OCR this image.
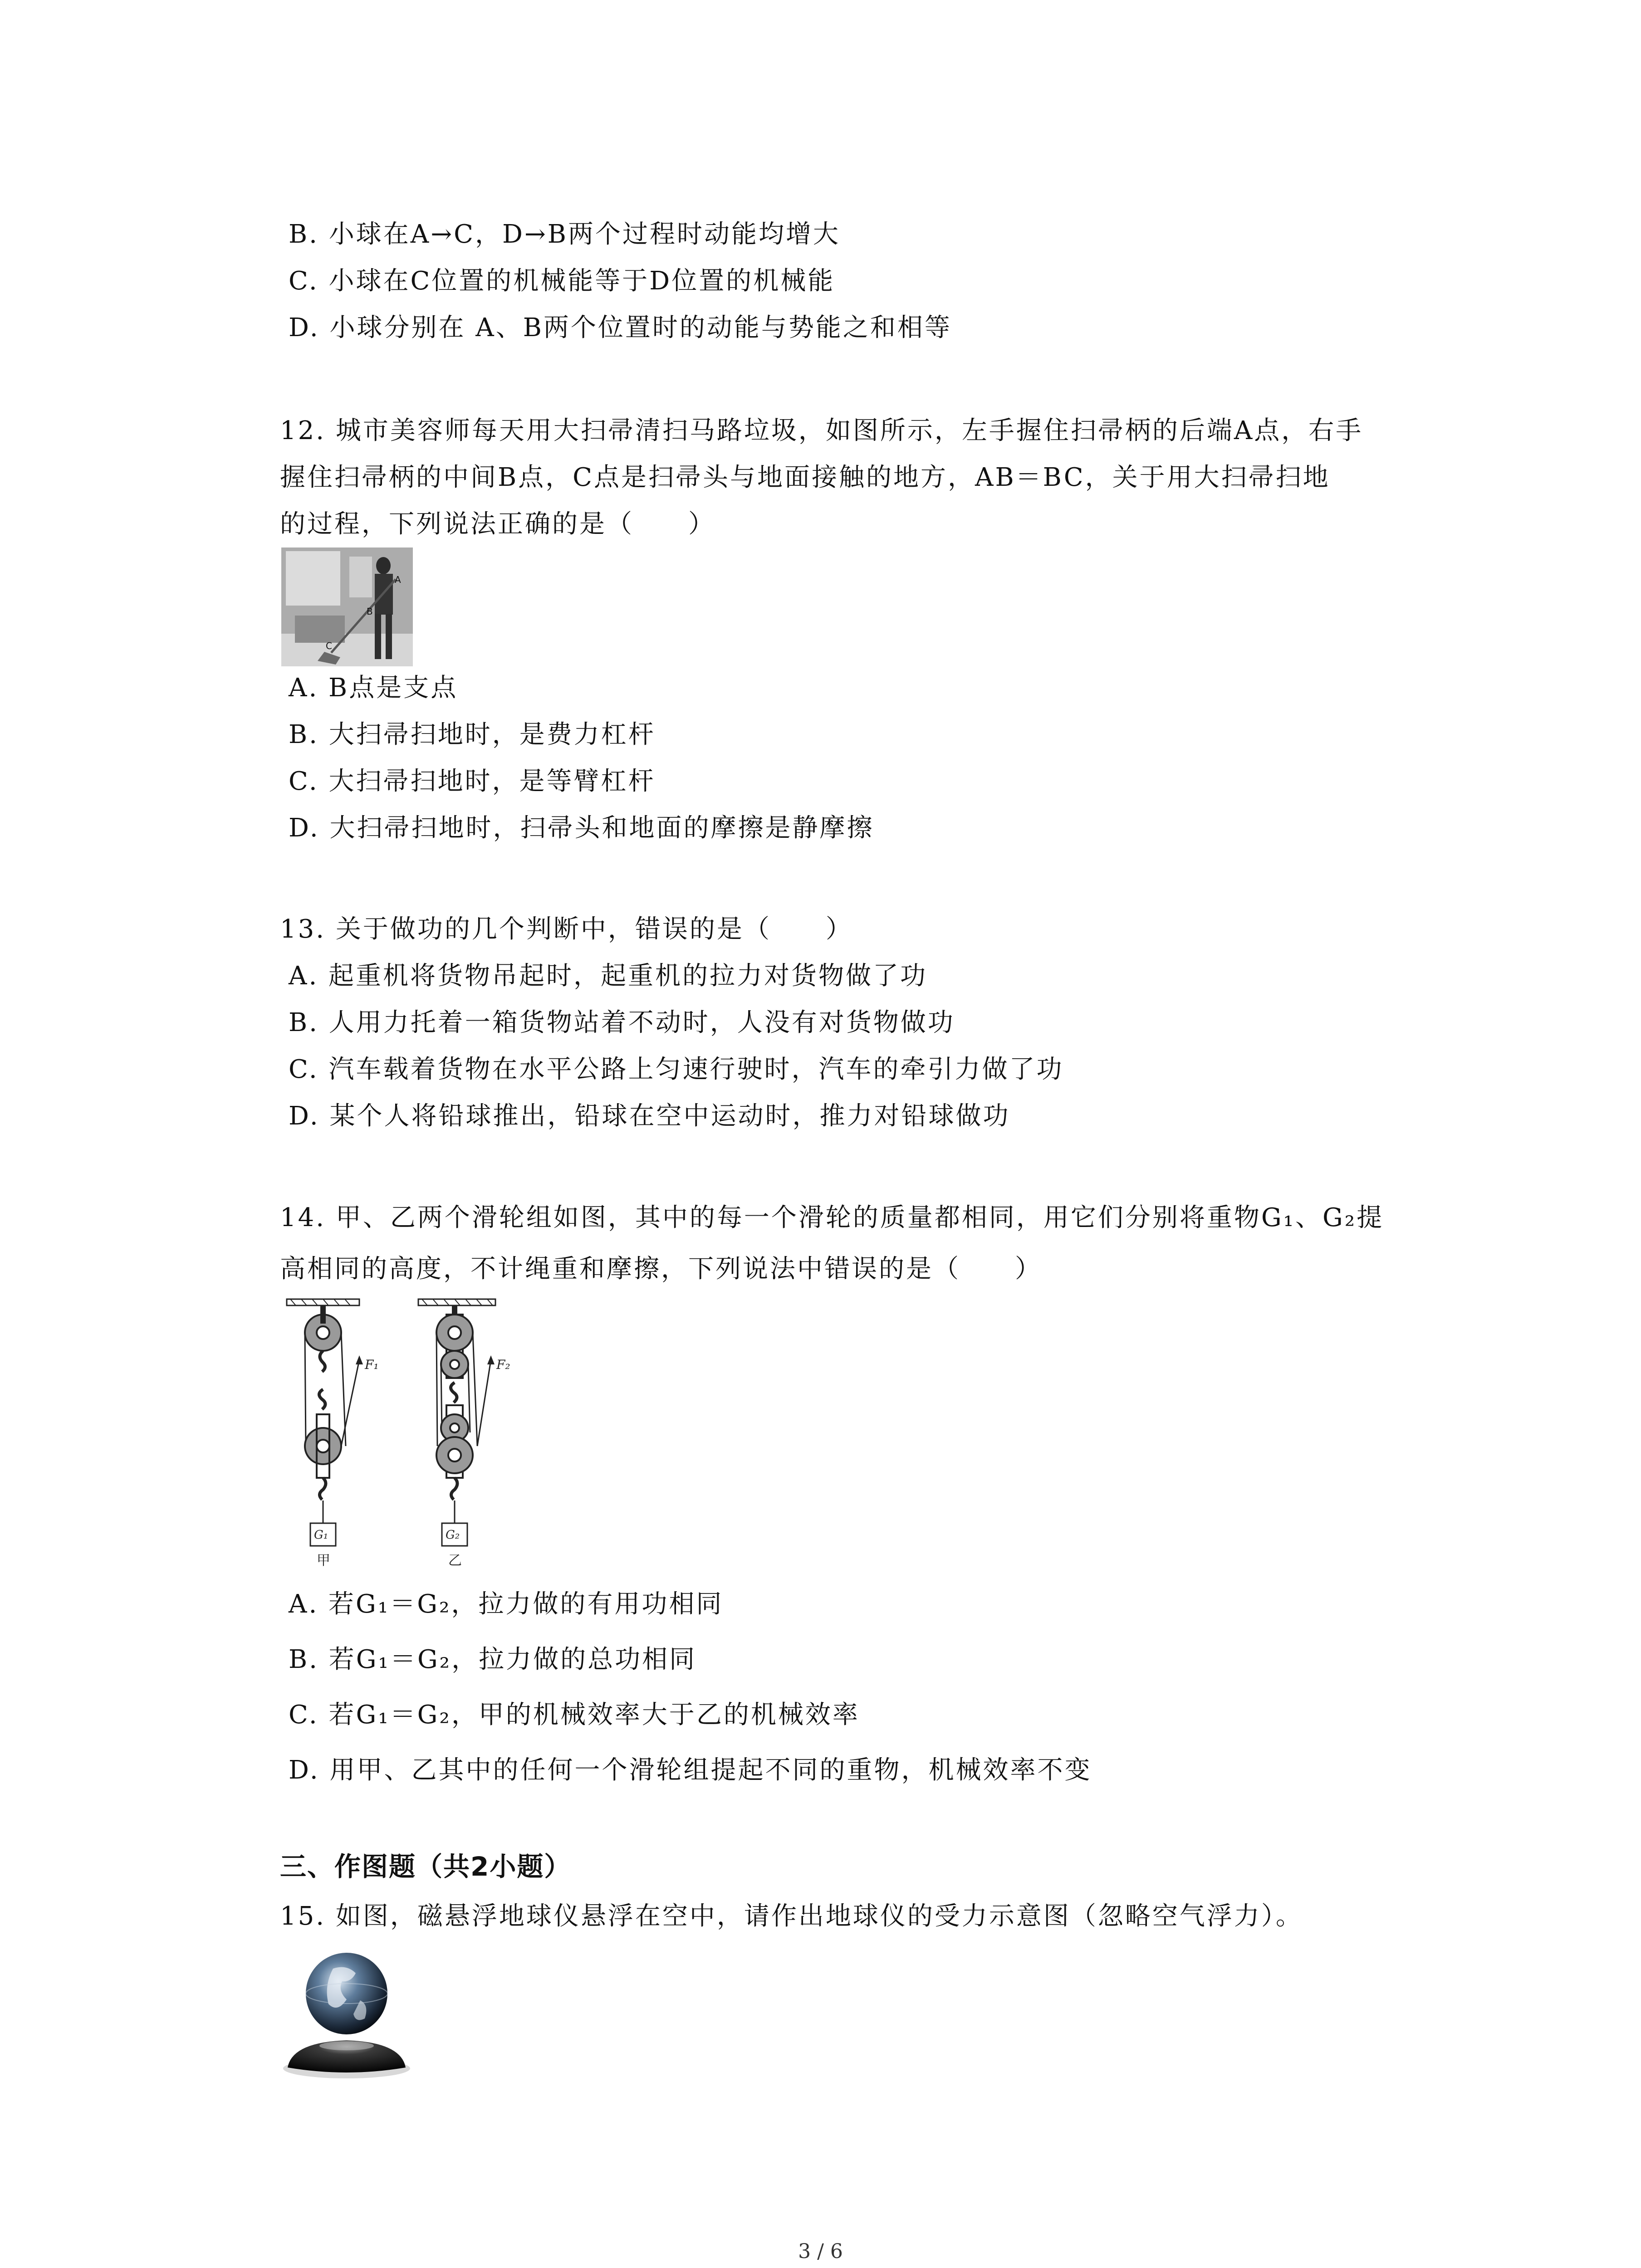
B. 小球在A→C，D→B两个过程时动能均增大
C. 小球在C位置的机械能等于D位置的机械能
D. 小球分别在 A、B两个位置时的动能与势能之和相等
12. 城市美容师每天用大扫帚清扫马路垃圾，如图所示，左手握住扫帚柄的后端A点，右手
握住扫帚柄的中间B点，C点是扫帚头与地面接触的地方，AB＝BC，关于用大扫帚扫地
的过程，下列说法正确的是（　　）
A
B
C
A. B点是支点
B. 大扫帚扫地时，是费力杠杆
C. 大扫帚扫地时，是等臂杠杆
D. 大扫帚扫地时，扫帚头和地面的摩擦是静摩擦
13. 关于做功的几个判断中，错误的是（　　）
A. 起重机将货物吊起时，起重机的拉力对货物做了功
B. 人用力托着一箱货物站着不动时，人没有对货物做功
C. 汽车载着货物在水平公路上匀速行驶时，汽车的牵引力做了功
D. 某个人将铅球推出，铅球在空中运动时，推力对铅球做功
14. 甲、乙两个滑轮组如图，其中的每一个滑轮的质量都相同，用它们分别将重物G₁、G₂提
高相同的高度，不计绳重和摩擦，下列说法中错误的是（　　）
F₁
G₁
甲
F₂
G₂
乙
A. 若G₁＝G₂，拉力做的有用功相同
B. 若G₁＝G₂，拉力做的总功相同
C. 若G₁＝G₂，甲的机械效率大于乙的机械效率
D. 用甲、乙其中的任何一个滑轮组提起不同的重物，机械效率不变
三、作图题（共2小题）
15. 如图，磁悬浮地球仪悬浮在空中，请作出地球仪的受力示意图（忽略空气浮力）。
3 / 6
